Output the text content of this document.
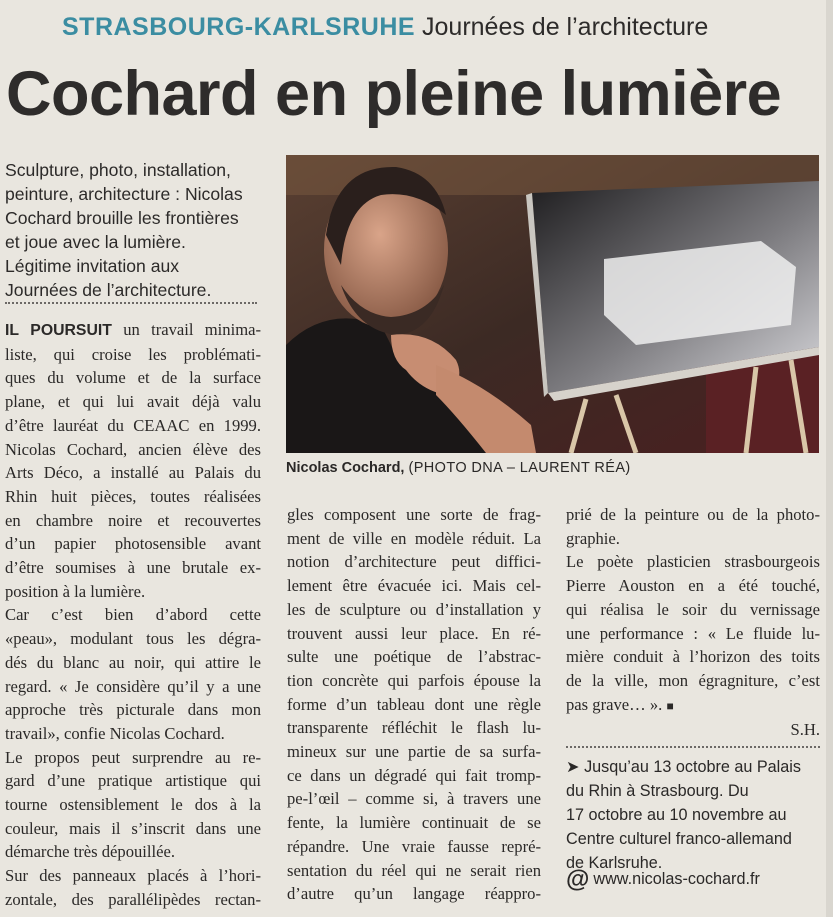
STRASBOURG-KARLSRUHE Journées de l’architecture
Cochard en pleine lumière

Sculpture, photo, installation,

peinture, architecture : Nicolas

Cochard brouille les frontières

et joue avec la lumière.

Légitime invitation aux

Journées de l’architecture.

Nicolas Cochard, (PHOTO DNA – LAURENT RÉA)
IL POURSUIT un travail minima-
liste, qui croise les problémati-
ques du volume et de la surface
plane, et qui lui avait déjà valu
d’être lauréat du CEAAC en 1999.
Nicolas Cochard, ancien élève des
Arts Déco, a installé au Palais du
Rhin huit pièces, toutes réalisées
en chambre noire et recouvertes
d’un papier photosensible avant
d’être soumises à une brutale ex-
position à la lumière.
Car c’est bien d’abord cette
«peau», modulant tous les dégra-
dés du blanc au noir, qui attire le
regard. « Je considère qu’il y a une
approche très picturale dans mon
travail», confie Nicolas Cochard.
Le propos peut surprendre au re-
gard d’une pratique artistique qui
tourne ostensiblement le dos à la
couleur, mais il s’inscrit dans une
démarche très dépouillée.
Sur des panneaux placés à l’hori-
zontale, des parallélipèdes rectan-
gles composent une sorte de frag-
ment de ville en modèle réduit. La
notion d’architecture peut diffici-
lement être évacuée ici. Mais cel-
les de sculpture ou d’installation y
trouvent aussi leur place. En ré-
sulte une poétique de l’abstrac-
tion concrète qui parfois épouse la
forme d’un tableau dont une règle
transparente réfléchit le flash lu-
mineux sur une partie de sa surfa-
ce dans un dégradé qui fait tromp-
pe-l’œil – comme si, à travers une
fente, la lumière continuait de se
répandre. Une vraie fausse repré-
sentation du réel qui ne serait rien
d’autre qu’un langage réappro-
prié de la peinture ou de la photo-
graphie.
Le poète plasticien strasbourgeois
Pierre Aouston en a été touché,
qui réalisa le soir du vernissage
une performance : « Le fluide lu-
mière conduit à l’horizon des toits
de la ville, mon égragniture, c’est
pas grave… ». ■
S.H.
➤ Jusqu’au 13 octobre au Palais
du Rhin à Strasbourg. Du
17 octobre au 10 novembre au
Centre culturel franco-allemand
de Karlsruhe.
@ www.nicolas-cochard.fr
